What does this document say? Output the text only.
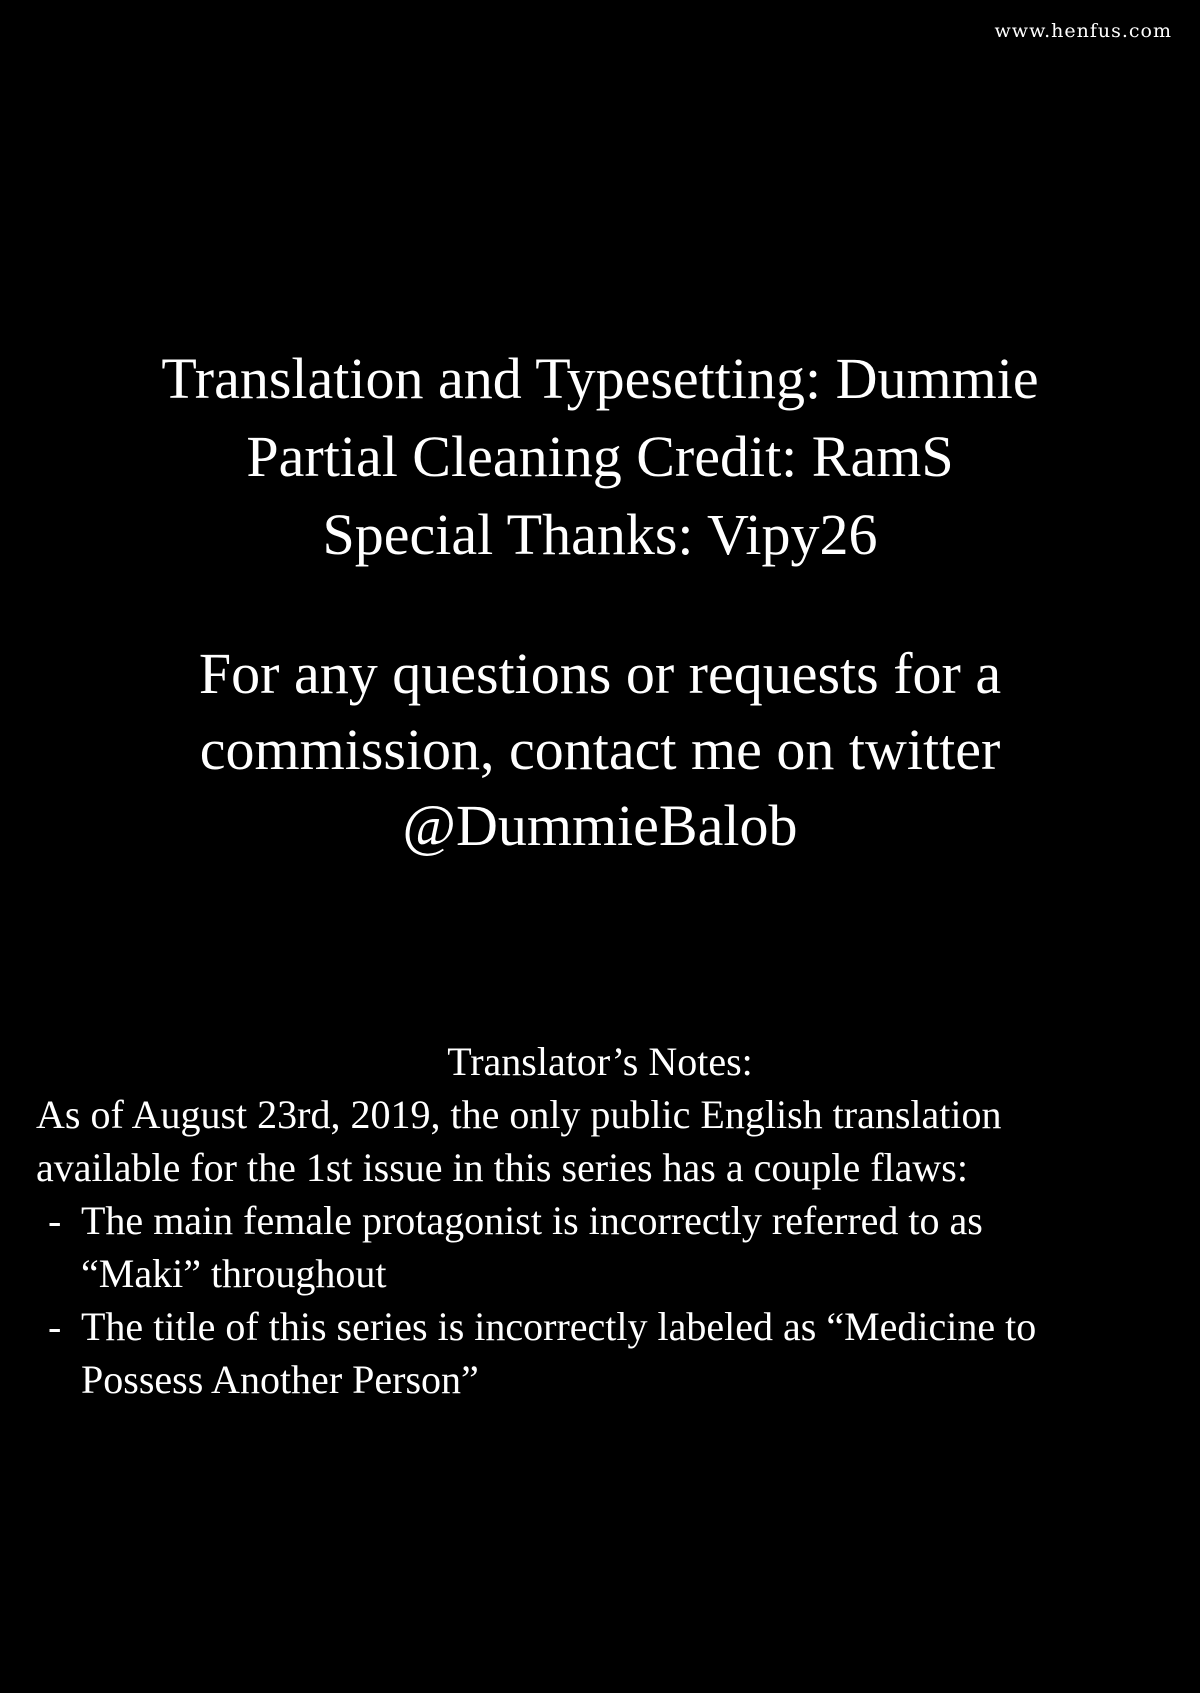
www.henfus.com
Translation and Typesetting: Dummie
Partial Cleaning Credit: RamS
Special Thanks: Vipy26
For any questions or requests for a
commission, contact me on twitter
@DummieBalob
Translator’s Notes:
As of August 23rd, 2019, the only public English translation
available for the 1st issue in this series has a couple flaws:
- The main female protagonist is incorrectly referred to as
“Maki” throughout
- The title of this series is incorrectly labeled as “Medicine to
Possess Another Person”
